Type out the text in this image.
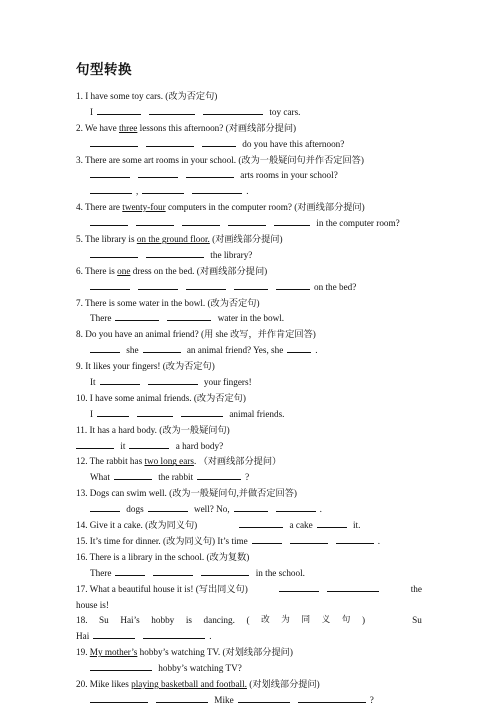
句型转换
1. I have some toy cars. (改为否定句)
I	toy cars.
2. We have three lessons this afternoon? (对画线部分提问)
do you have this afternoon?
3. There are some art rooms in your school. (改为一般疑问句并作否定回答)
arts rooms in your school?
,	.
4. There are twenty-four computers in the computer room? (对画线部分提问)
in the computer room?
5. The library is on the ground floor. (对画线部分提问)
the library?
6. There is one dress on the bed. (对画线部分提问)
on the bed?
7. There is some water in the bowl. (改为否定句)
There	water in the bowl.
8. Do you have an animal friend? (用 she 改写，并作肯定回答)
she	an animal friend? Yes, she	.
9. It likes your fingers! (改为否定句)
It	your fingers!
10. I have some animal friends. (改为否定句)
I	animal friends.
11. It has a hard body. (改为一般疑问句)
it	a hard body?
12. The rabbit has two long ears. （对画线部分提问）
What	the rabbit	?
13. Dogs can swim well. (改为一般疑问句,并做否定回答)
dogs	well? No,	.
14. Give it a cake. (改为同义句)	a cake	it.
15. It’s time for dinner. (改为同义句) It’s time	.
16. There is a library in the school. (改为复数)
There	in the school.
17. What a beautiful house it is! (写出同义句)	the
house is!
18. Su Hai’s hobby is dancing. ( 改 为 同 义 句 )	Su
Hai	.
19. My mother’s hobby’s watching TV. (对划线部分提问)
hobby’s watching TV?
20. Mike likes playing basketball and football. (对划线部分提问)
Mike	?
